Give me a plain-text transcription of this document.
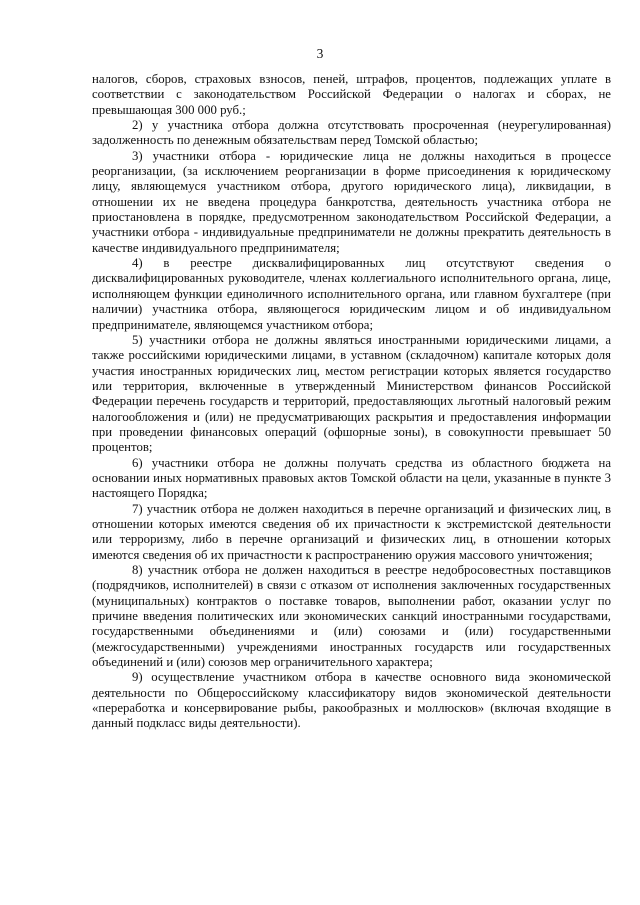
3

налогов, сборов, страховых взносов, пеней, штрафов, процентов, подлежащих уплате в соответствии с законодательством Российской Федерации о налогах и сборах, не превышающая 300 000 руб.;

2) у участника отбора должна отсутствовать просроченная (неурегулированная) задолженность по денежным обязательствам перед Томской областью;

3) участники отбора - юридические лица не должны находиться в процессе реорганизации, (за исключением реорганизации в форме присоединения к юридическому лицу, являющемуся участником отбора, другого юридического лица), ликвидации, в отношении их не введена процедура банкротства, деятельность участника отбора не приостановлена в порядке, предусмотренном законодательством Российской Федерации, а участники отбора - индивидуальные предприниматели не должны прекратить деятельность в качестве индивидуального предпринимателя;

4) в реестре дисквалифицированных лиц отсутствуют сведения о дисквалифицированных руководителе, членах коллегиального исполнительного органа, лице, исполняющем функции единоличного исполнительного органа, или главном бухгалтере (при наличии) участника отбора, являющегося юридическим лицом и об индивидуальном предпринимателе, являющемся участником отбора;

5) участники отбора не должны являться иностранными юридическими лицами, а также российскими юридическими лицами, в уставном (складочном) капитале которых доля участия иностранных юридических лиц, местом регистрации которых является государство или территория, включенные в утвержденный Министерством финансов Российской Федерации перечень государств и территорий, предоставляющих льготный налоговый режим налогообложения и (или) не предусматривающих раскрытия и предоставления информации при проведении финансовых операций (офшорные зоны), в совокупности превышает 50 процентов;

6) участники отбора не должны получать средства из областного бюджета на основании иных нормативных правовых актов Томской области на цели, указанные в пункте 3 настоящего Порядка;

7) участник отбора не должен находиться в перечне организаций и физических лиц, в отношении которых имеются сведения об их причастности к экстремистской деятельности или терроризму, либо в перечне организаций и физических лиц, в отношении которых имеются сведения об их причастности к распространению оружия массового уничтожения;

8) участник отбора не должен находиться в реестре недобросовестных поставщиков (подрядчиков, исполнителей) в связи с отказом от исполнения заключенных государственных (муниципальных) контрактов о поставке товаров, выполнении работ, оказании услуг по причине введения политических или экономических санкций иностранными государствами, государственными объединениями и (или) союзами и (или) государственными (межгосударственными) учреждениями иностранных государств или государственных объединений и (или) союзов мер ограничительного характера;

9) осуществление участником отбора в качестве основного вида экономической деятельности по Общероссийскому классификатору видов экономической деятельности «переработка и консервирование рыбы, ракообразных и моллюсков» (включая входящие в данный подкласс виды деятельности).
